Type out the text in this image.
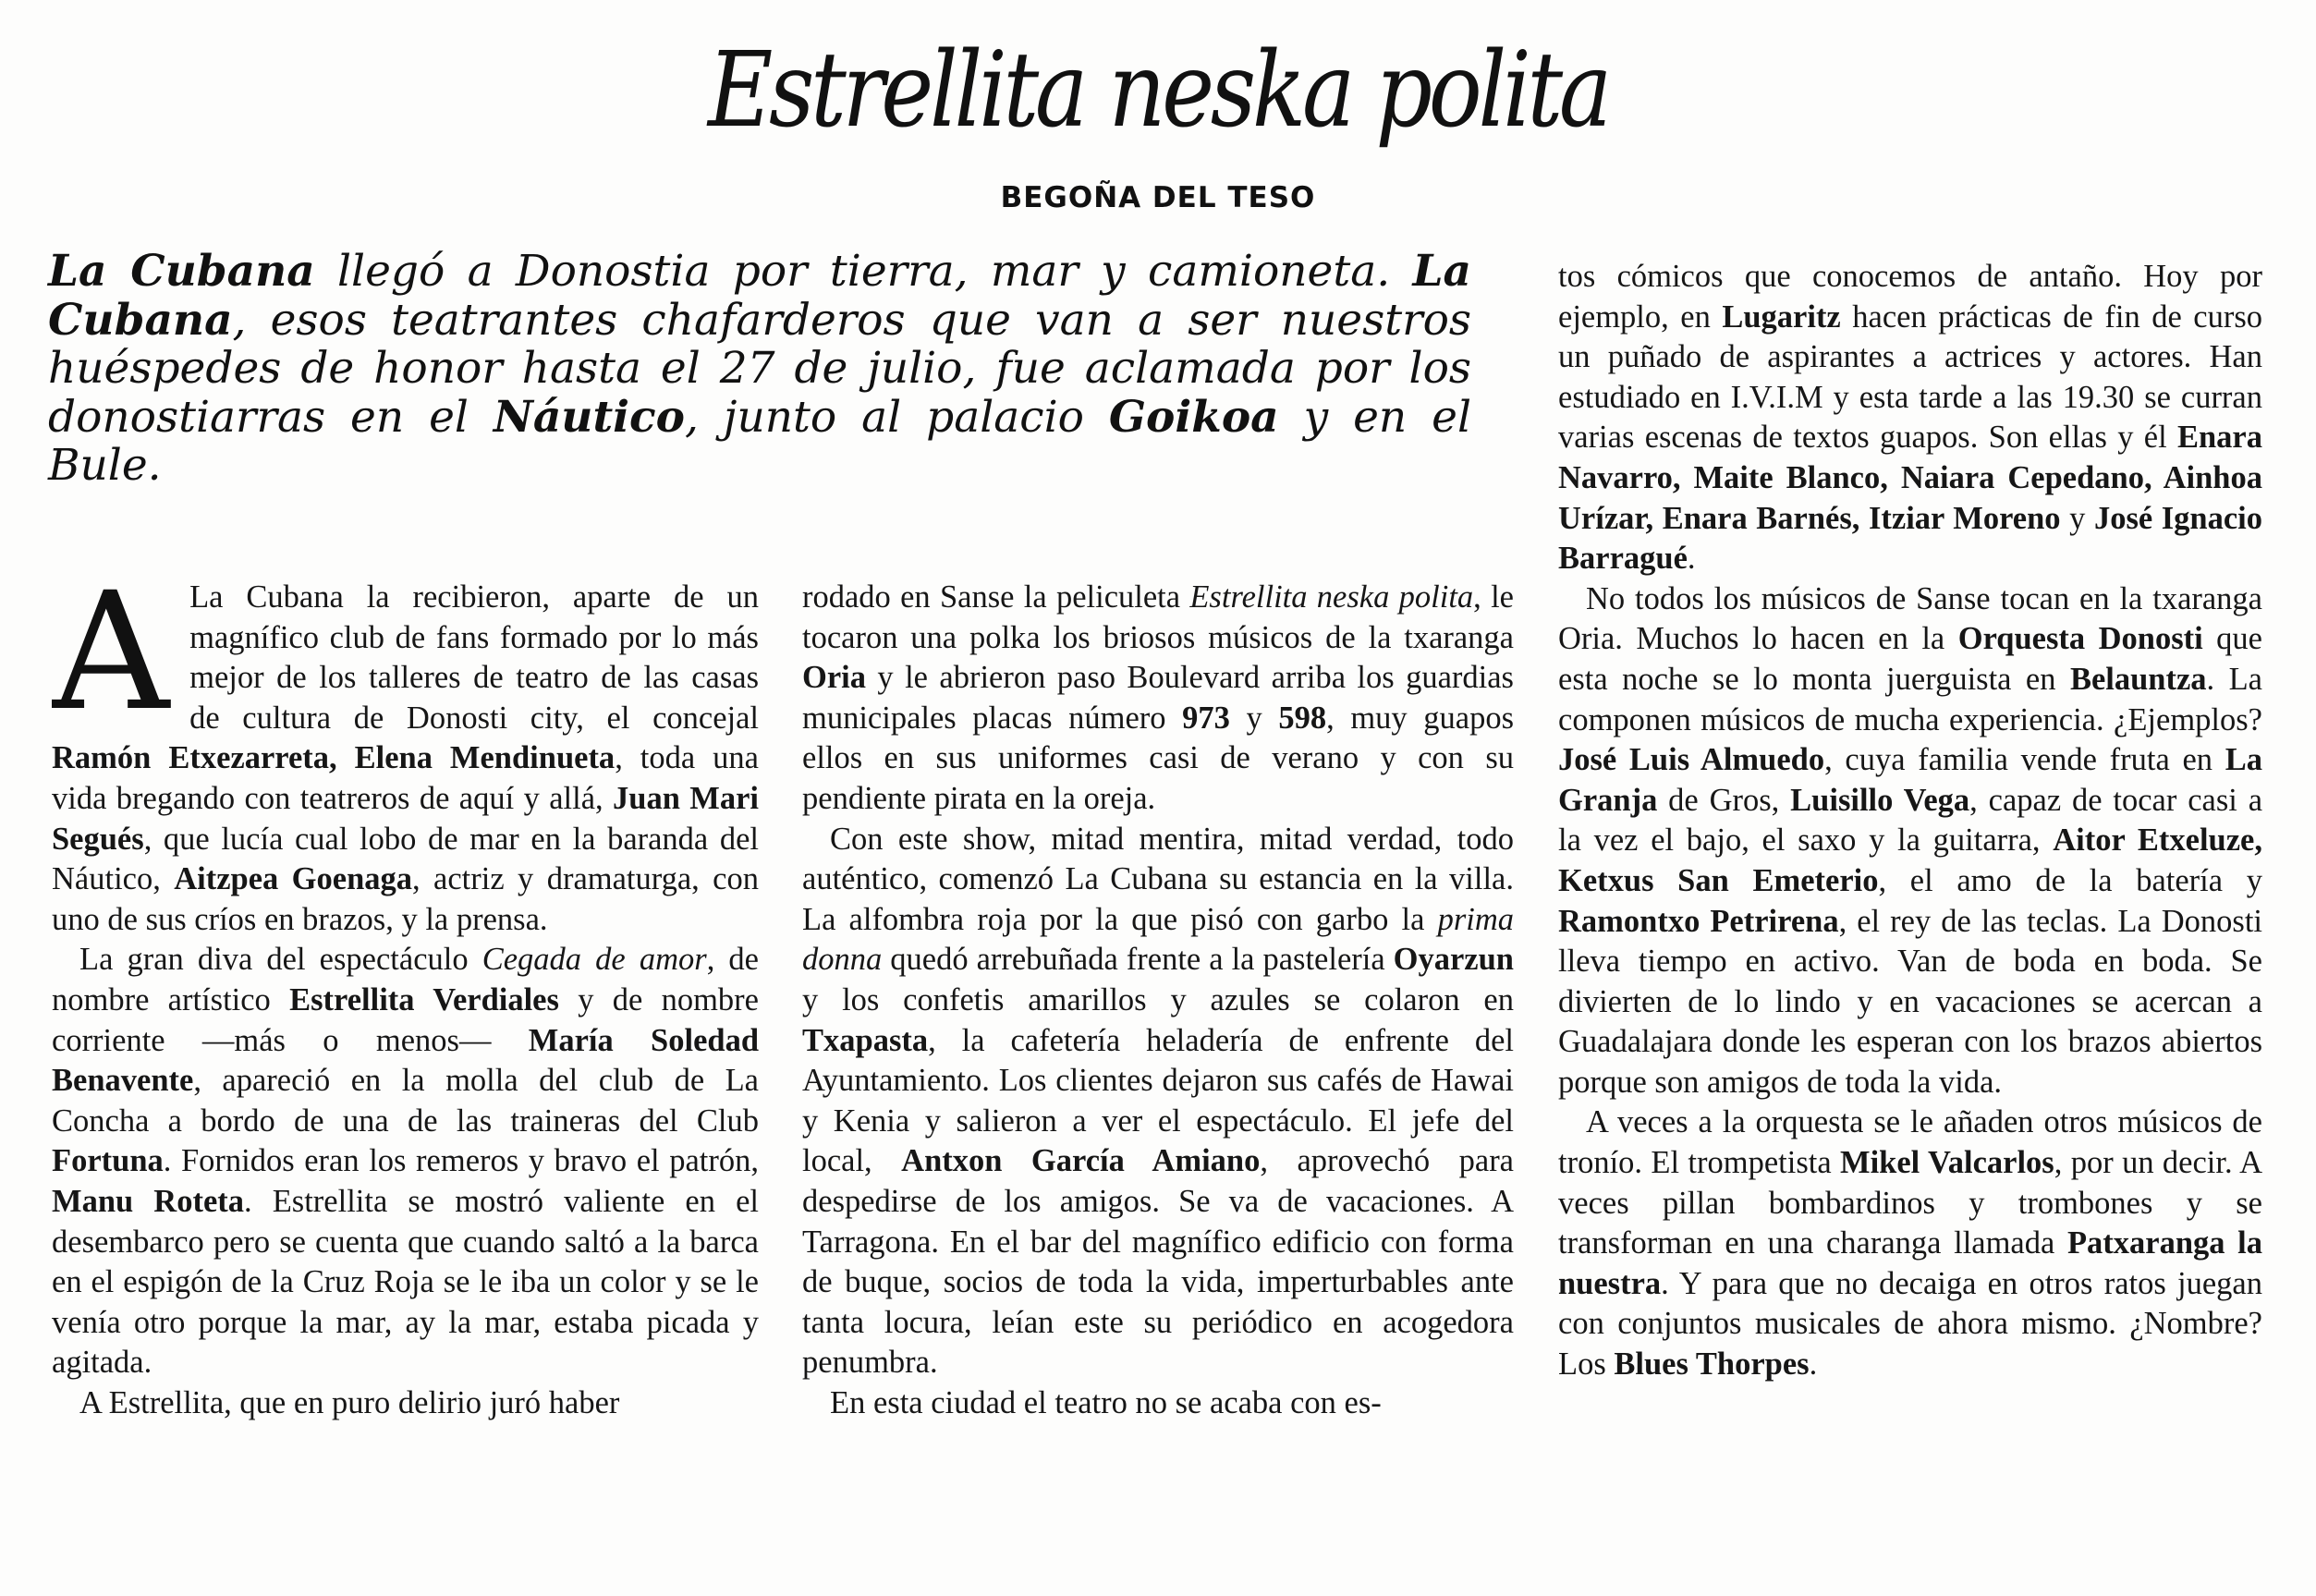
Estrellita neska polita
BEGOÑA DEL TESO

La Cubana llegó a Donostia por tierra, mar y camioneta. La Cubana, esos teatrantes chafarderos que van a ser nuestros huéspedes de honor hasta el 27 de julio, fue aclamada por los donostiarras en el Náutico, junto al palacio Goikoa y en el Bule.

A La Cubana la recibieron, aparte de un magnífico club de fans formado por lo más mejor de los talleres de teatro de las casas de cultura de Donosti city, el concejal Ramón Etxezarreta, Elena Mendinueta, toda una vida bregando con teatreros de aquí y allá, Juan Mari Segués, que lucía cual lobo de mar en la baranda del Náutico, Aitzpea Goenaga, actriz y dramaturga, con uno de sus críos en brazos, y la prensa.

La gran diva del espectáculo Cegada de amor, de nombre artístico Estrellita Verdiales y de nombre corriente —más o menos— María Soledad Benavente, apareció en la molla del club de La Concha a bordo de una de las traineras del Club Fortuna. Fornidos eran los remeros y bravo el patrón, Manu Roteta. Estrellita se mostró valiente en el desembarco pero se cuenta que cuando saltó a la barca en el espigón de la Cruz Roja se le iba un color y se le venía otro porque la mar, ay la mar, estaba picada y agitada.

A Estrellita, que en puro delirio juró haber

rodado en Sanse la peliculeta Estrellita neska polita, le tocaron una polka los briosos músicos de la txaranga Oria y le abrieron paso Boulevard arriba los guardias municipales placas número 973 y 598, muy guapos ellos en sus uniformes casi de verano y con su pendiente pirata en la oreja.

Con este show, mitad mentira, mitad verdad, todo auténtico, comenzó La Cubana su estancia en la villa. La alfombra roja por la que pisó con garbo la prima donna quedó arrebuñada frente a la pastelería Oyarzun y los confetis amarillos y azules se colaron en Txapasta, la cafetería heladería de enfrente del Ayuntamiento. Los clientes dejaron sus cafés de Hawai y Kenia y salieron a ver el espectáculo. El jefe del local, Antxon García Amiano, aprovechó para despedirse de los amigos. Se va de vacaciones. A Tarragona. En el bar del magnífico edificio con forma de buque, socios de toda la vida, imperturbables ante tanta locura, leían este su periódico en acogedora penumbra.

En esta ciudad el teatro no se acaba con es-

tos cómicos que conocemos de antaño. Hoy por ejemplo, en Lugaritz hacen prácticas de fin de curso un puñado de aspirantes a actrices y actores. Han estudiado en I.V.I.M y esta tarde a las 19.30 se curran varias escenas de textos guapos. Son ellas y él Enara Navarro, Maite Blanco, Naiara Cepedano, Ainhoa Urízar, Enara Barnés, Itziar Moreno y José Ignacio Barragué.

No todos los músicos de Sanse tocan en la txaranga Oria. Muchos lo hacen en la Orquesta Donosti que esta noche se lo monta juerguista en Belauntza. La componen músicos de mucha experiencia. ¿Ejemplos? José Luis Almuedo, cuya familia vende fruta en La Granja de Gros, Luisillo Vega, capaz de tocar casi a la vez el bajo, el saxo y la guitarra, Aitor Etxeluze, Ketxus San Emeterio, el amo de la batería y Ramontxo Petrirena, el rey de las teclas. La Donosti lleva tiempo en activo. Van de boda en boda. Se divierten de lo lindo y en vacaciones se acercan a Guadalajara donde les esperan con los brazos abiertos porque son amigos de toda la vida.

A veces a la orquesta se le añaden otros músicos de tronío. El trompetista Mikel Valcarlos, por un decir. A veces pillan bombardinos y trombones y se transforman en una charanga llamada Patxaranga la nuestra. Y para que no decaiga en otros ratos juegan con conjuntos musicales de ahora mismo. ¿Nombre? Los Blues Thorpes.
